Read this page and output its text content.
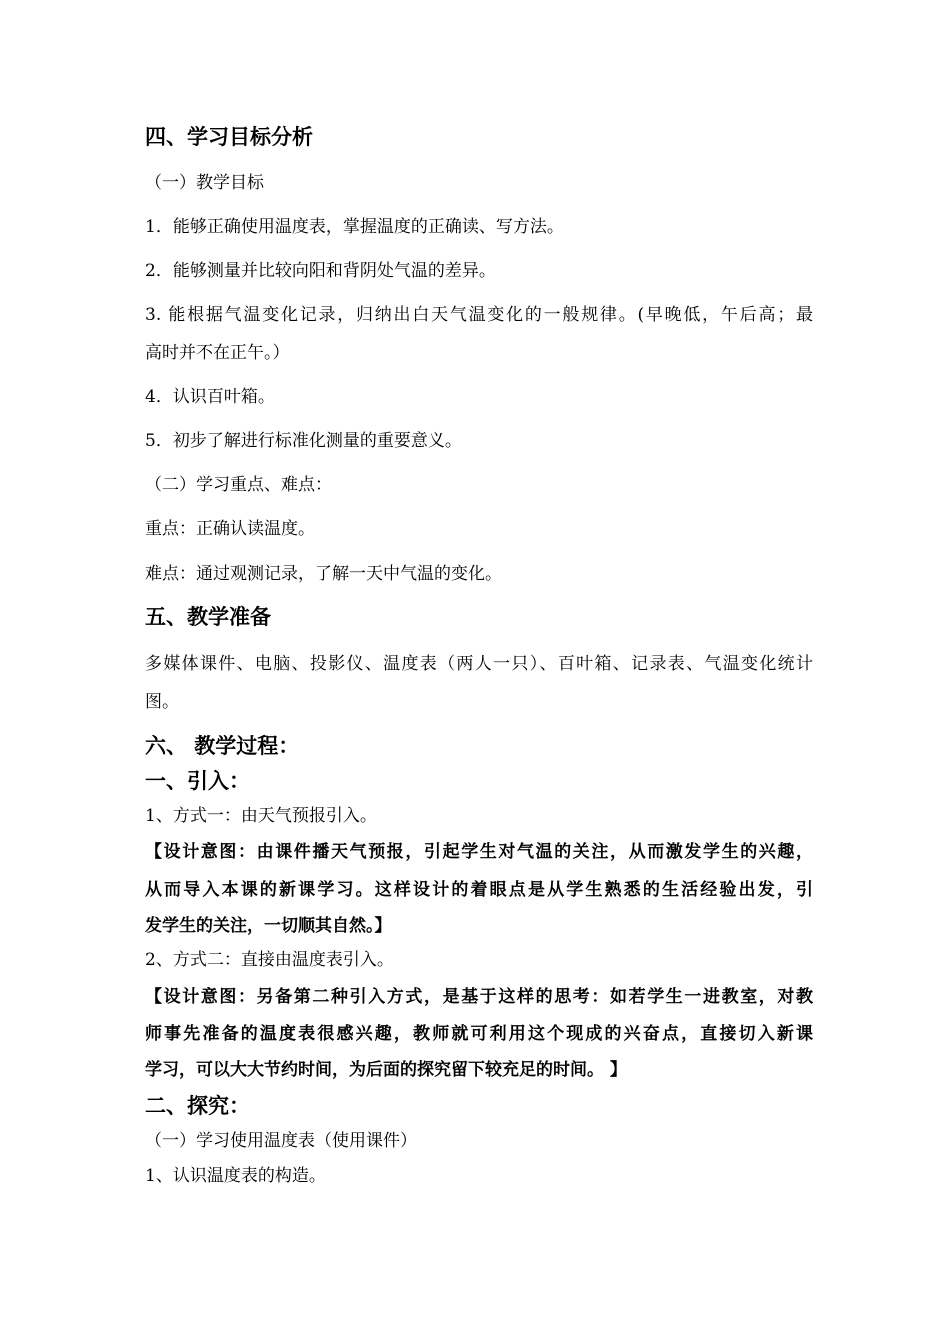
四、学习目标分析
（一）教学目标
1．能够正确使用温度表，掌握温度的正确读、写方法。
2．能够测量并比较向阳和背阴处气温的差异。
3. 能根据气温变化记录，归纳出白天气温变化的一般规律。(早晚低，午后高；最
高时并不在正午。）
4．认识百叶箱。
5．初步了解进行标准化测量的重要意义。
（二）学习重点、难点：
重点：正确认读温度。
难点：通过观测记录，了解一天中气温的变化。
五、教学准备
多媒体课件、电脑、投影仪、温度表（两人一只）、百叶箱、记录表、气温变化统计
图。
六、 教学过程：
一、引入：
1、方式一：由天气预报引入。
【设计意图：由课件播天气预报，引起学生对气温的关注，从而激发学生的兴趣，
从而导入本课的新课学习。这样设计的着眼点是从学生熟悉的生活经验出发，引
发学生的关注，一切顺其自然。】
2、方式二：直接由温度表引入。
【设计意图：另备第二种引入方式，是基于这样的思考：如若学生一进教室，对教
师事先准备的温度表很感兴趣，教师就可利用这个现成的兴奋点，直接切入新课
学习，可以大大节约时间，为后面的探究留下较充足的时间。 】
二、探究：
（一）学习使用温度表（使用课件）
1、认识温度表的构造。
